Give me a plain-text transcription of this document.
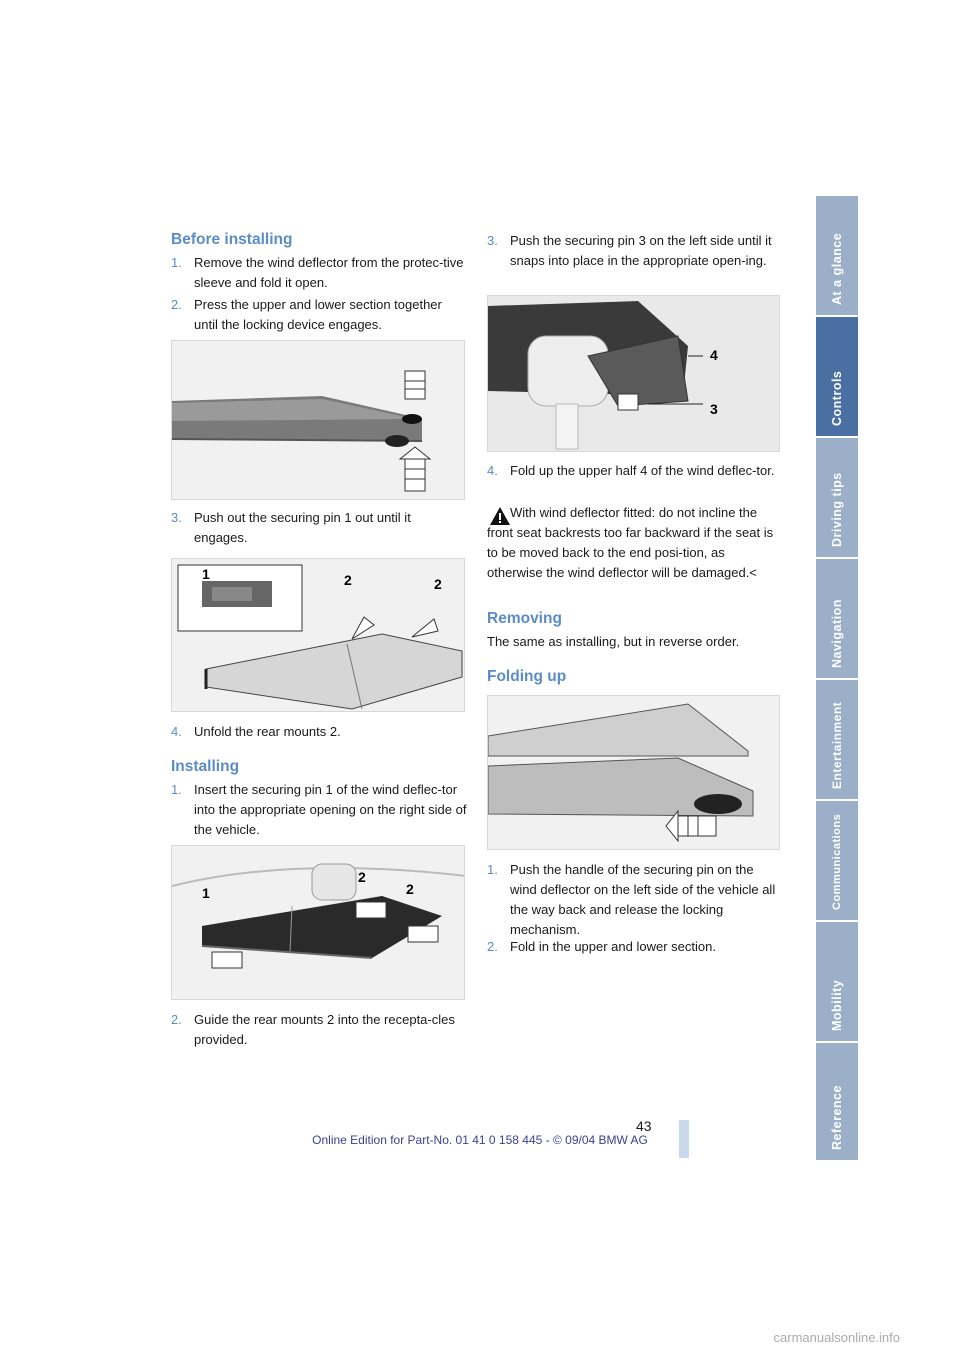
Before installing
1. Remove the wind deflector from the protec-tive sleeve and fold it open.
2. Press the upper and lower section together until the locking device engages.
3. Push out the securing pin 1 out until it engages.
1	2	2
4. Unfold the rear mounts 2.
Installing
1. Insert the securing pin 1 of the wind deflec-tor into the appropriate opening on the right side of the vehicle.
1
2
2
2. Guide the rear mounts 2 into the recepta-cles provided.
3. Push the securing pin 3 on the left side until it snaps into place in the appropriate open-ing.
4
3
4. Fold up the upper half 4 of the wind deflec-tor.
With wind deflector fitted: do not incline the front seat backrests too far backward if the seat is to be moved back to the end posi-tion, as otherwise the wind deflector will be damaged.<
Removing
The same as installing, but in reverse order.
Folding up
1. Push the handle of the securing pin on the wind deflector on the left side of the vehicle all the way back and release the locking mechanism.
2. Fold in the upper and lower section.
At a glance
Controls
Driving tips
Navigation
Entertainment
Communications
Mobility
Reference
43
Online Edition for Part-No. 01 41 0 158 445 - © 09/04 BMW AG
carmanualsonline.info
